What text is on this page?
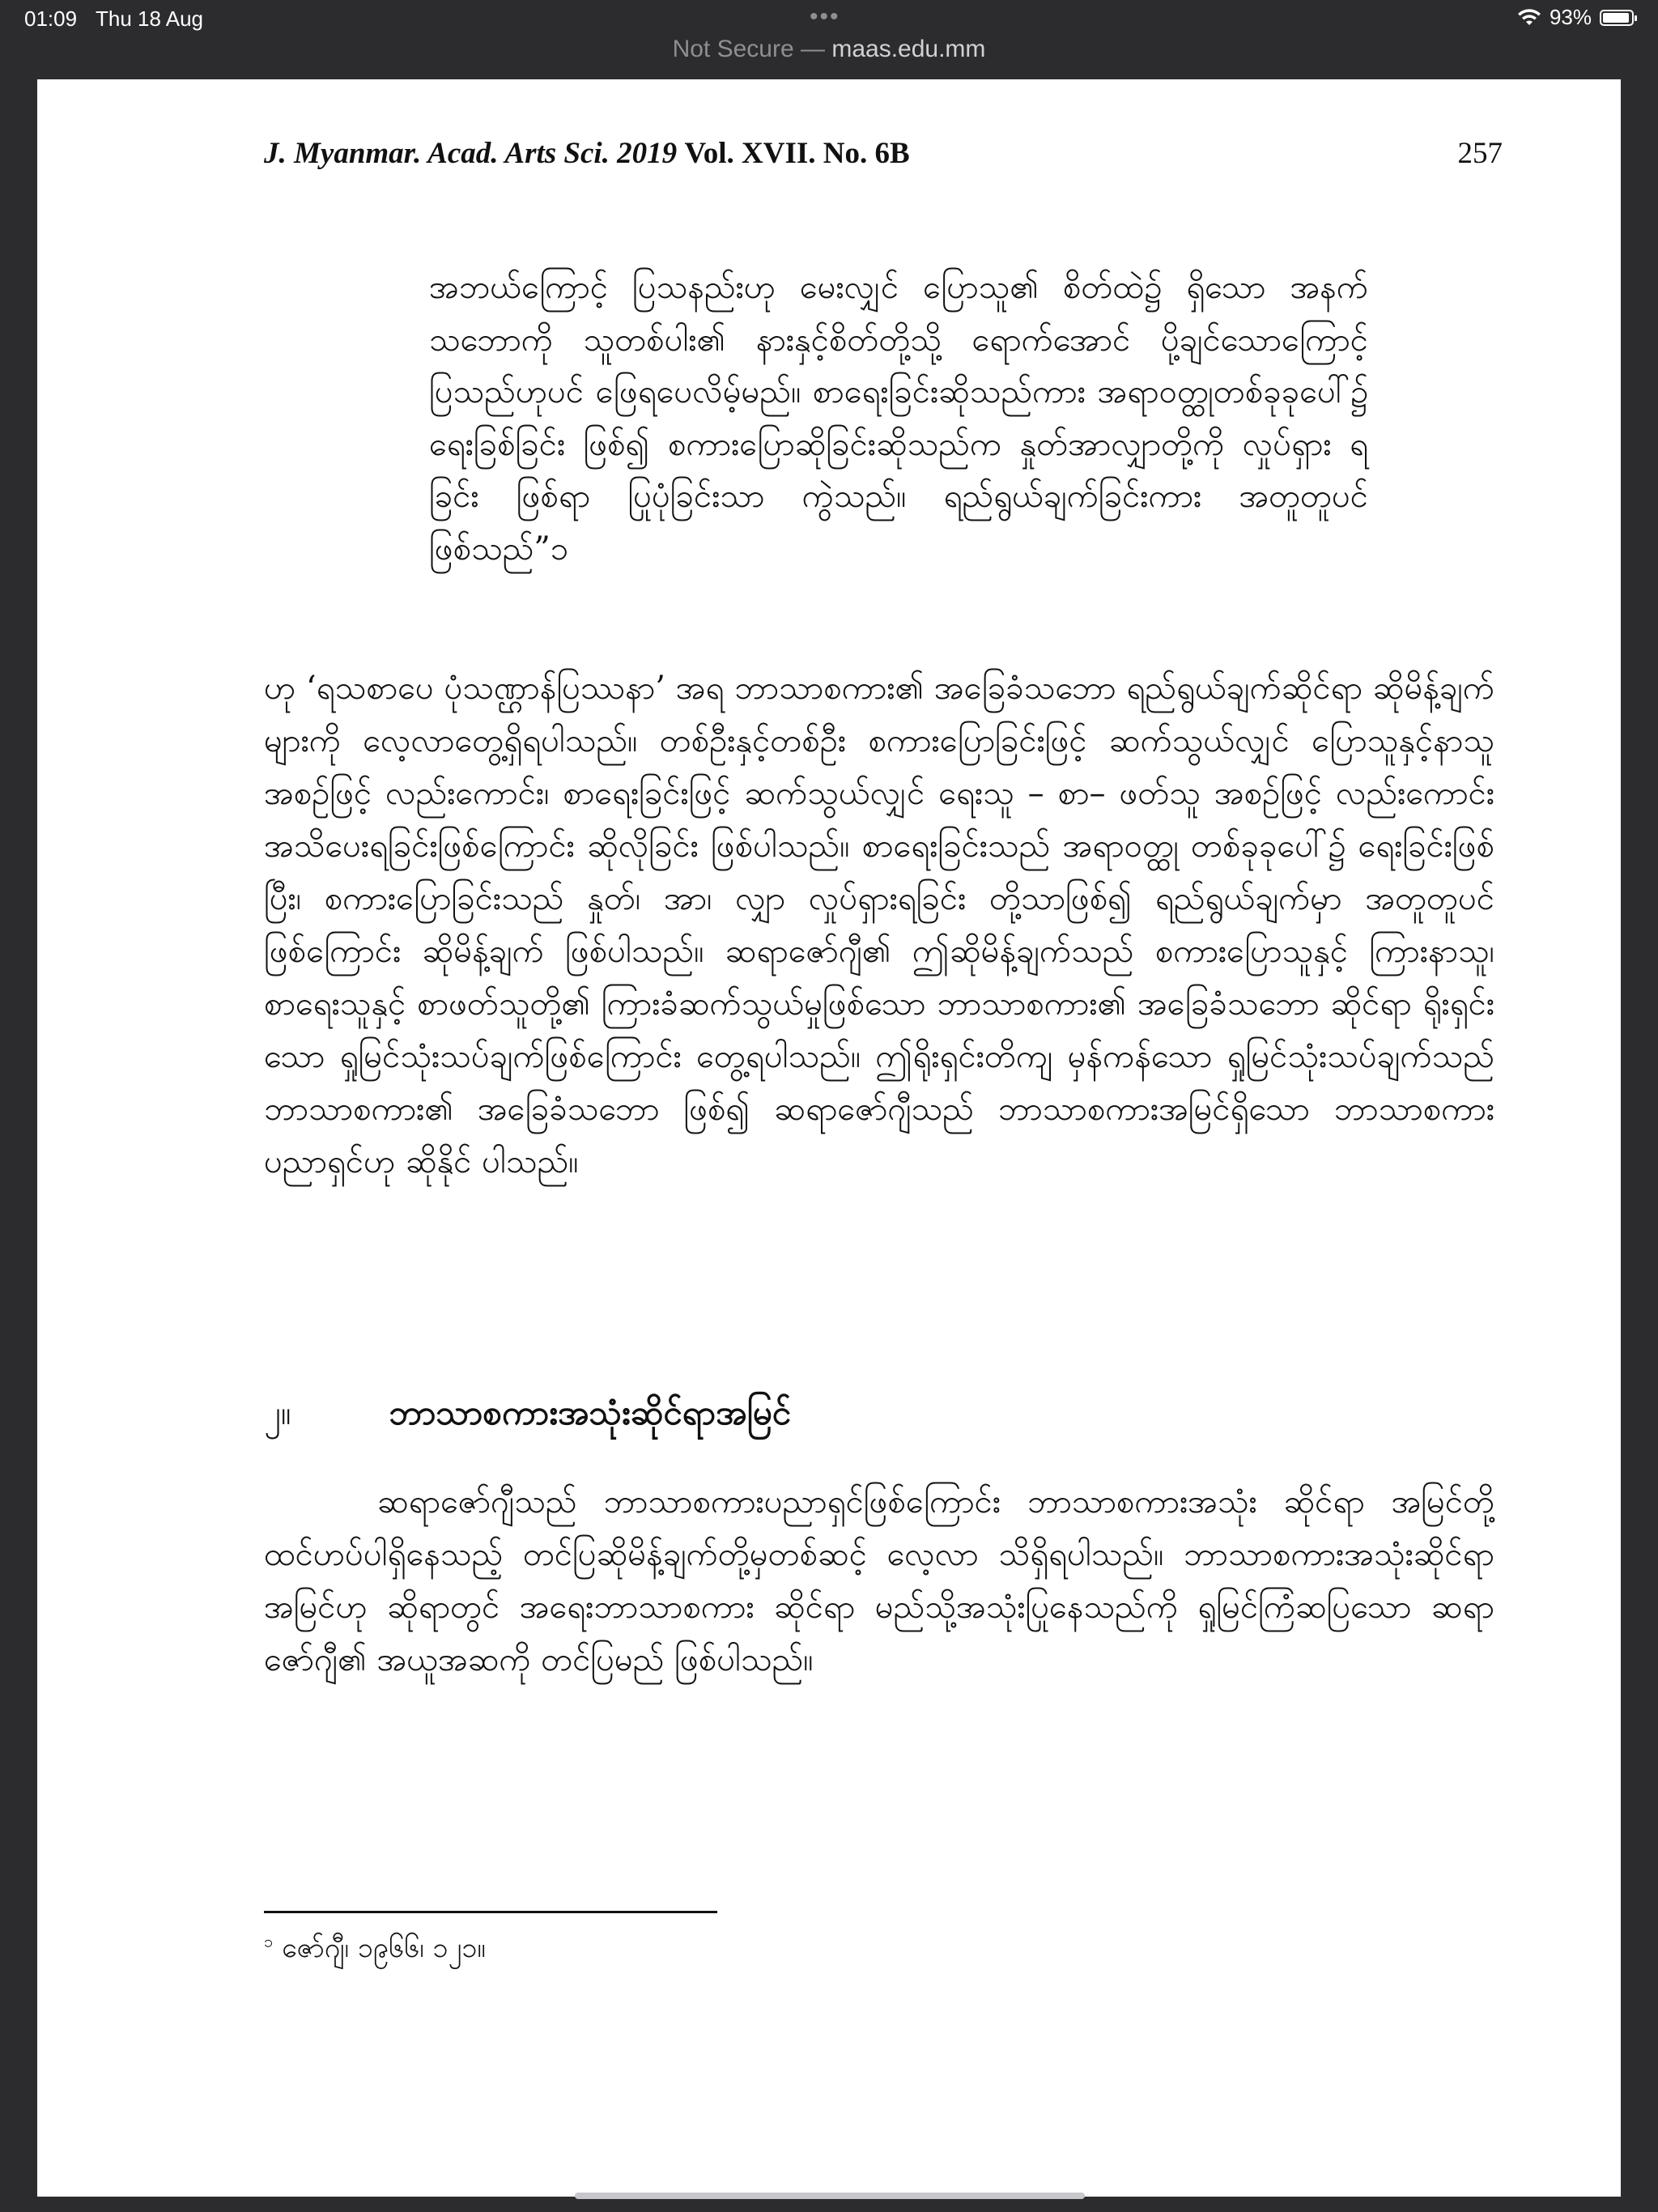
01:09 Thu 18 Aug	•••	93%
Not Secure — maas.edu.mm
J. Myanmar. Acad. Arts Sci. 2019 Vol. XVII. No. 6B	257

အဘယ်ကြောင့် ပြသနည်းဟု မေးလျှင် ပြောသူ၏ စိတ်ထဲ၌ ရှိသော အနက်သဘောကို သူတစ်ပါး၏ နားနှင့်စိတ်တို့သို့ ရောက်အောင် ပို့ချင်သောကြောင့် ပြသည်ဟုပင် ဖြေရပေလိမ့်မည်။ စာရေးခြင်းဆိုသည်ကား အရာဝတ္ထုတစ်ခုခုပေါ်၌ ရေးခြစ်ခြင်း ဖြစ်၍ စကားပြောဆိုခြင်းဆိုသည်က နှုတ်အာလျှာတို့ကို လှုပ်ရှား ရခြင်း ဖြစ်ရာ ပြုပုံခြင်းသာ ကွဲသည်။ ရည်ရွယ်ချက်ခြင်းကား အတူတူပင် ဖြစ်သည်”၁

ဟု ‘ရသစာပေ ပုံသဏ္ဌာန်ပြဿနာ’ အရ ဘာသာစကား၏ အခြေခံသဘော ရည်ရွယ်ချက်ဆိုင်ရာ ဆိုမိန့်ချက်များကို လေ့လာတွေ့ရှိရပါသည်။ တစ်ဦးနှင့်တစ်ဦး စကားပြောခြင်းဖြင့် ဆက်သွယ်လျှင် ပြောသူနှင့်နာသူ အစဉ်ဖြင့် လည်းကောင်း၊ စာရေးခြင်းဖြင့် ဆက်သွယ်လျှင် ရေးသူ – စာ– ဖတ်သူ အစဉ်ဖြင့် လည်းကောင်း အသိပေးရခြင်းဖြစ်ကြောင်း ဆိုလိုခြင်း ဖြစ်ပါသည်။ စာရေးခြင်းသည် အရာဝတ္ထု တစ်ခုခုပေါ်၌ ရေးခြင်းဖြစ်ပြီး၊ စကားပြောခြင်းသည် နှုတ်၊ အာ၊ လျှာ လှုပ်ရှားရခြင်း တို့သာဖြစ်၍ ရည်ရွယ်ချက်မှာ အတူတူပင်ဖြစ်ကြောင်း ဆိုမိန့်ချက် ဖြစ်ပါသည်။ ဆရာဇော်ဂျီ၏ ဤဆိုမိန့်ချက်သည် စကားပြောသူနှင့် ကြားနာသူ၊ စာရေးသူနှင့် စာဖတ်သူတို့၏ ကြားခံဆက်သွယ်မှုဖြစ်သော ဘာသာစကား၏ အခြေခံသဘော ဆိုင်ရာ ရိုးရှင်းသော ရှုမြင်သုံးသပ်ချက်ဖြစ်ကြောင်း တွေ့ရပါသည်။ ဤရိုးရှင်းတိကျ မှန်ကန်သော ရှုမြင်သုံးသပ်ချက်သည် ဘာသာစကား၏ အခြေခံသဘော ဖြစ်၍ ဆရာဇော်ဂျီသည် ဘာသာစကားအမြင်ရှိသော ဘာသာစကားပညာရှင်ဟု ဆိုနိုင် ပါသည်။

၂။	ဘာသာစကားအသုံးဆိုင်ရာအမြင်

ဆရာဇော်ဂျီသည် ဘာသာစကားပညာရှင်ဖြစ်ကြောင်း ဘာသာစကားအသုံး ဆိုင်ရာ အမြင်တို့ ထင်ဟပ်ပါရှိနေသည့် တင်ပြဆိုမိန့်ချက်တို့မှတစ်ဆင့် လေ့လာ သိရှိရပါသည်။ ဘာသာစကားအသုံးဆိုင်ရာအမြင်ဟု ဆိုရာတွင် အရေးဘာသာစကား ဆိုင်ရာ မည်သို့အသုံးပြုနေသည်ကို ရှုမြင်ကြံဆပြသော ဆရာဇော်ဂျီ၏ အယူအဆကို တင်ပြမည် ဖြစ်ပါသည်။

$^၁$ ဇော်ဂျီ၊ ၁၉၆၆၊ ၁၂၁။
